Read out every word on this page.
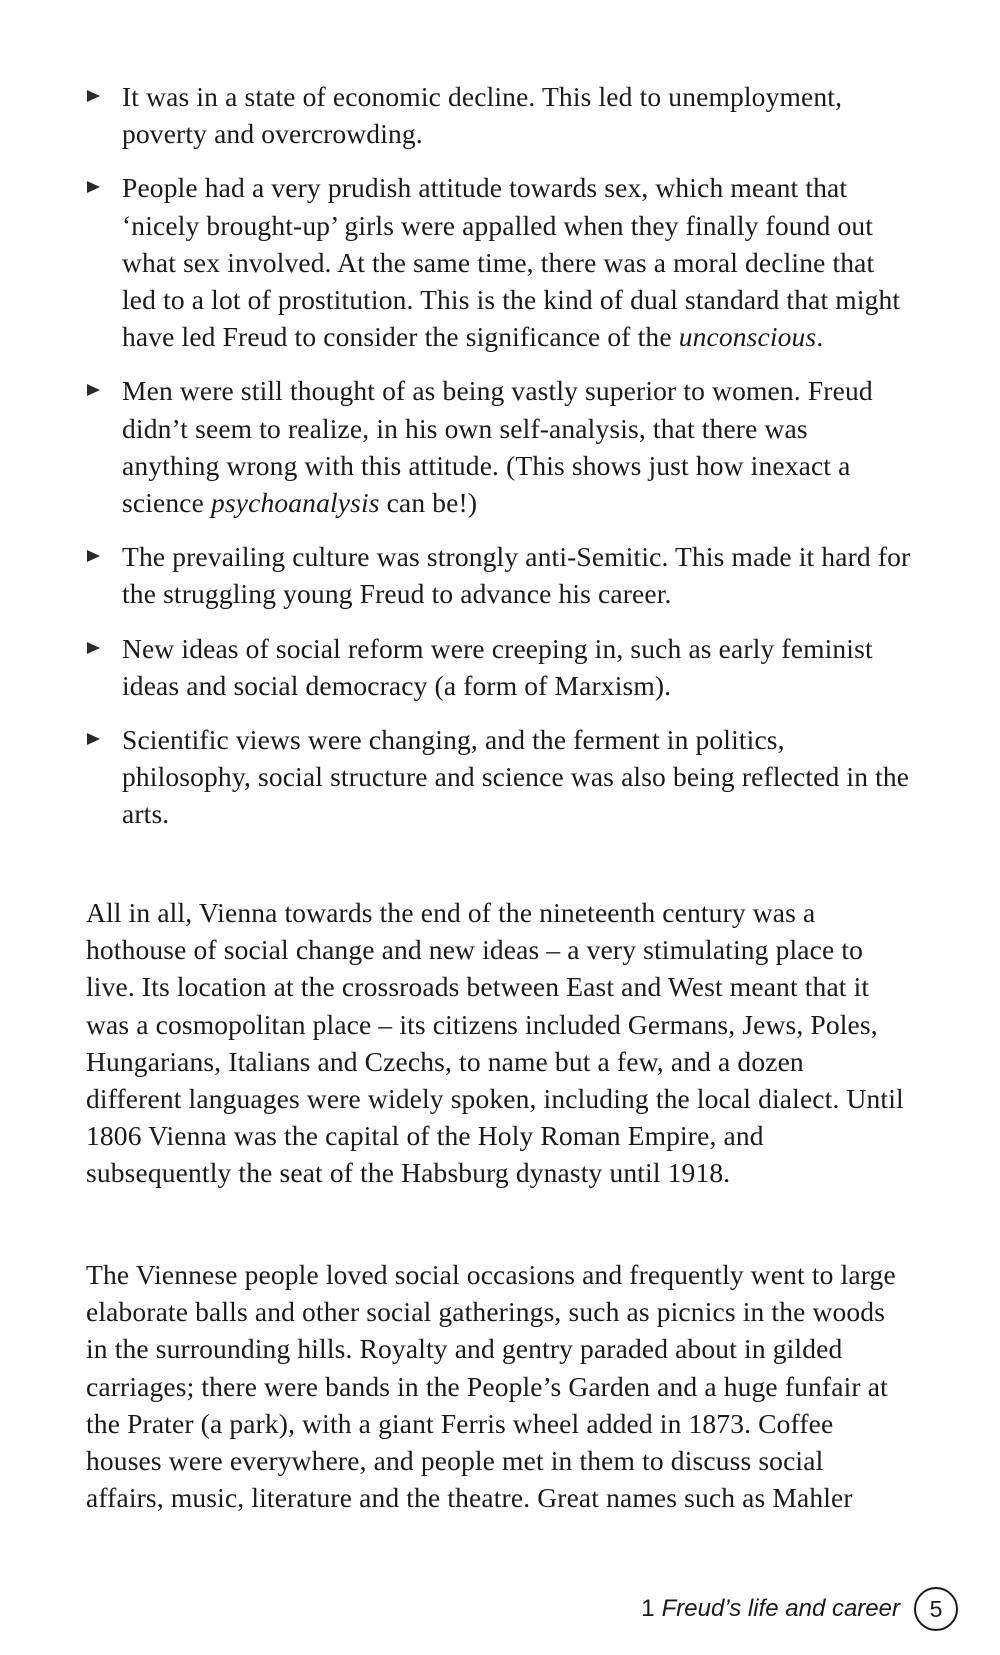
It was in a state of economic decline. This led to unemployment, poverty and overcrowding.
People had a very prudish attitude towards sex, which meant that ‘nicely brought-up’ girls were appalled when they finally found out what sex involved. At the same time, there was a moral decline that led to a lot of prostitution. This is the kind of dual standard that might have led Freud to consider the significance of the unconscious.
Men were still thought of as being vastly superior to women. Freud didn’t seem to realize, in his own self-analysis, that there was anything wrong with this attitude. (This shows just how inexact a science psychoanalysis can be!)
The prevailing culture was strongly anti-Semitic. This made it hard for the struggling young Freud to advance his career.
New ideas of social reform were creeping in, such as early feminist ideas and social democracy (a form of Marxism).
Scientific views were changing, and the ferment in politics, philosophy, social structure and science was also being reflected in the arts.

All in all, Vienna towards the end of the nineteenth century was a hothouse of social change and new ideas – a very stimulating place to live. Its location at the crossroads between East and West meant that it was a cosmopolitan place – its citizens included Germans, Jews, Poles, Hungarians, Italians and Czechs, to name but a few, and a dozen different languages were widely spoken, including the local dialect. Until 1806 Vienna was the capital of the Holy Roman Empire, and subsequently the seat of the Habsburg dynasty until 1918.

The Viennese people loved social occasions and frequently went to large elaborate balls and other social gatherings, such as picnics in the woods in the surrounding hills. Royalty and gentry paraded about in gilded carriages; there were bands in the People’s Garden and a huge funfair at the Prater (a park), with a giant Ferris wheel added in 1873. Coffee houses were everywhere, and people met in them to discuss social affairs, music, literature and the theatre. Great names such as Mahler

1 Freud’s life and career	5
